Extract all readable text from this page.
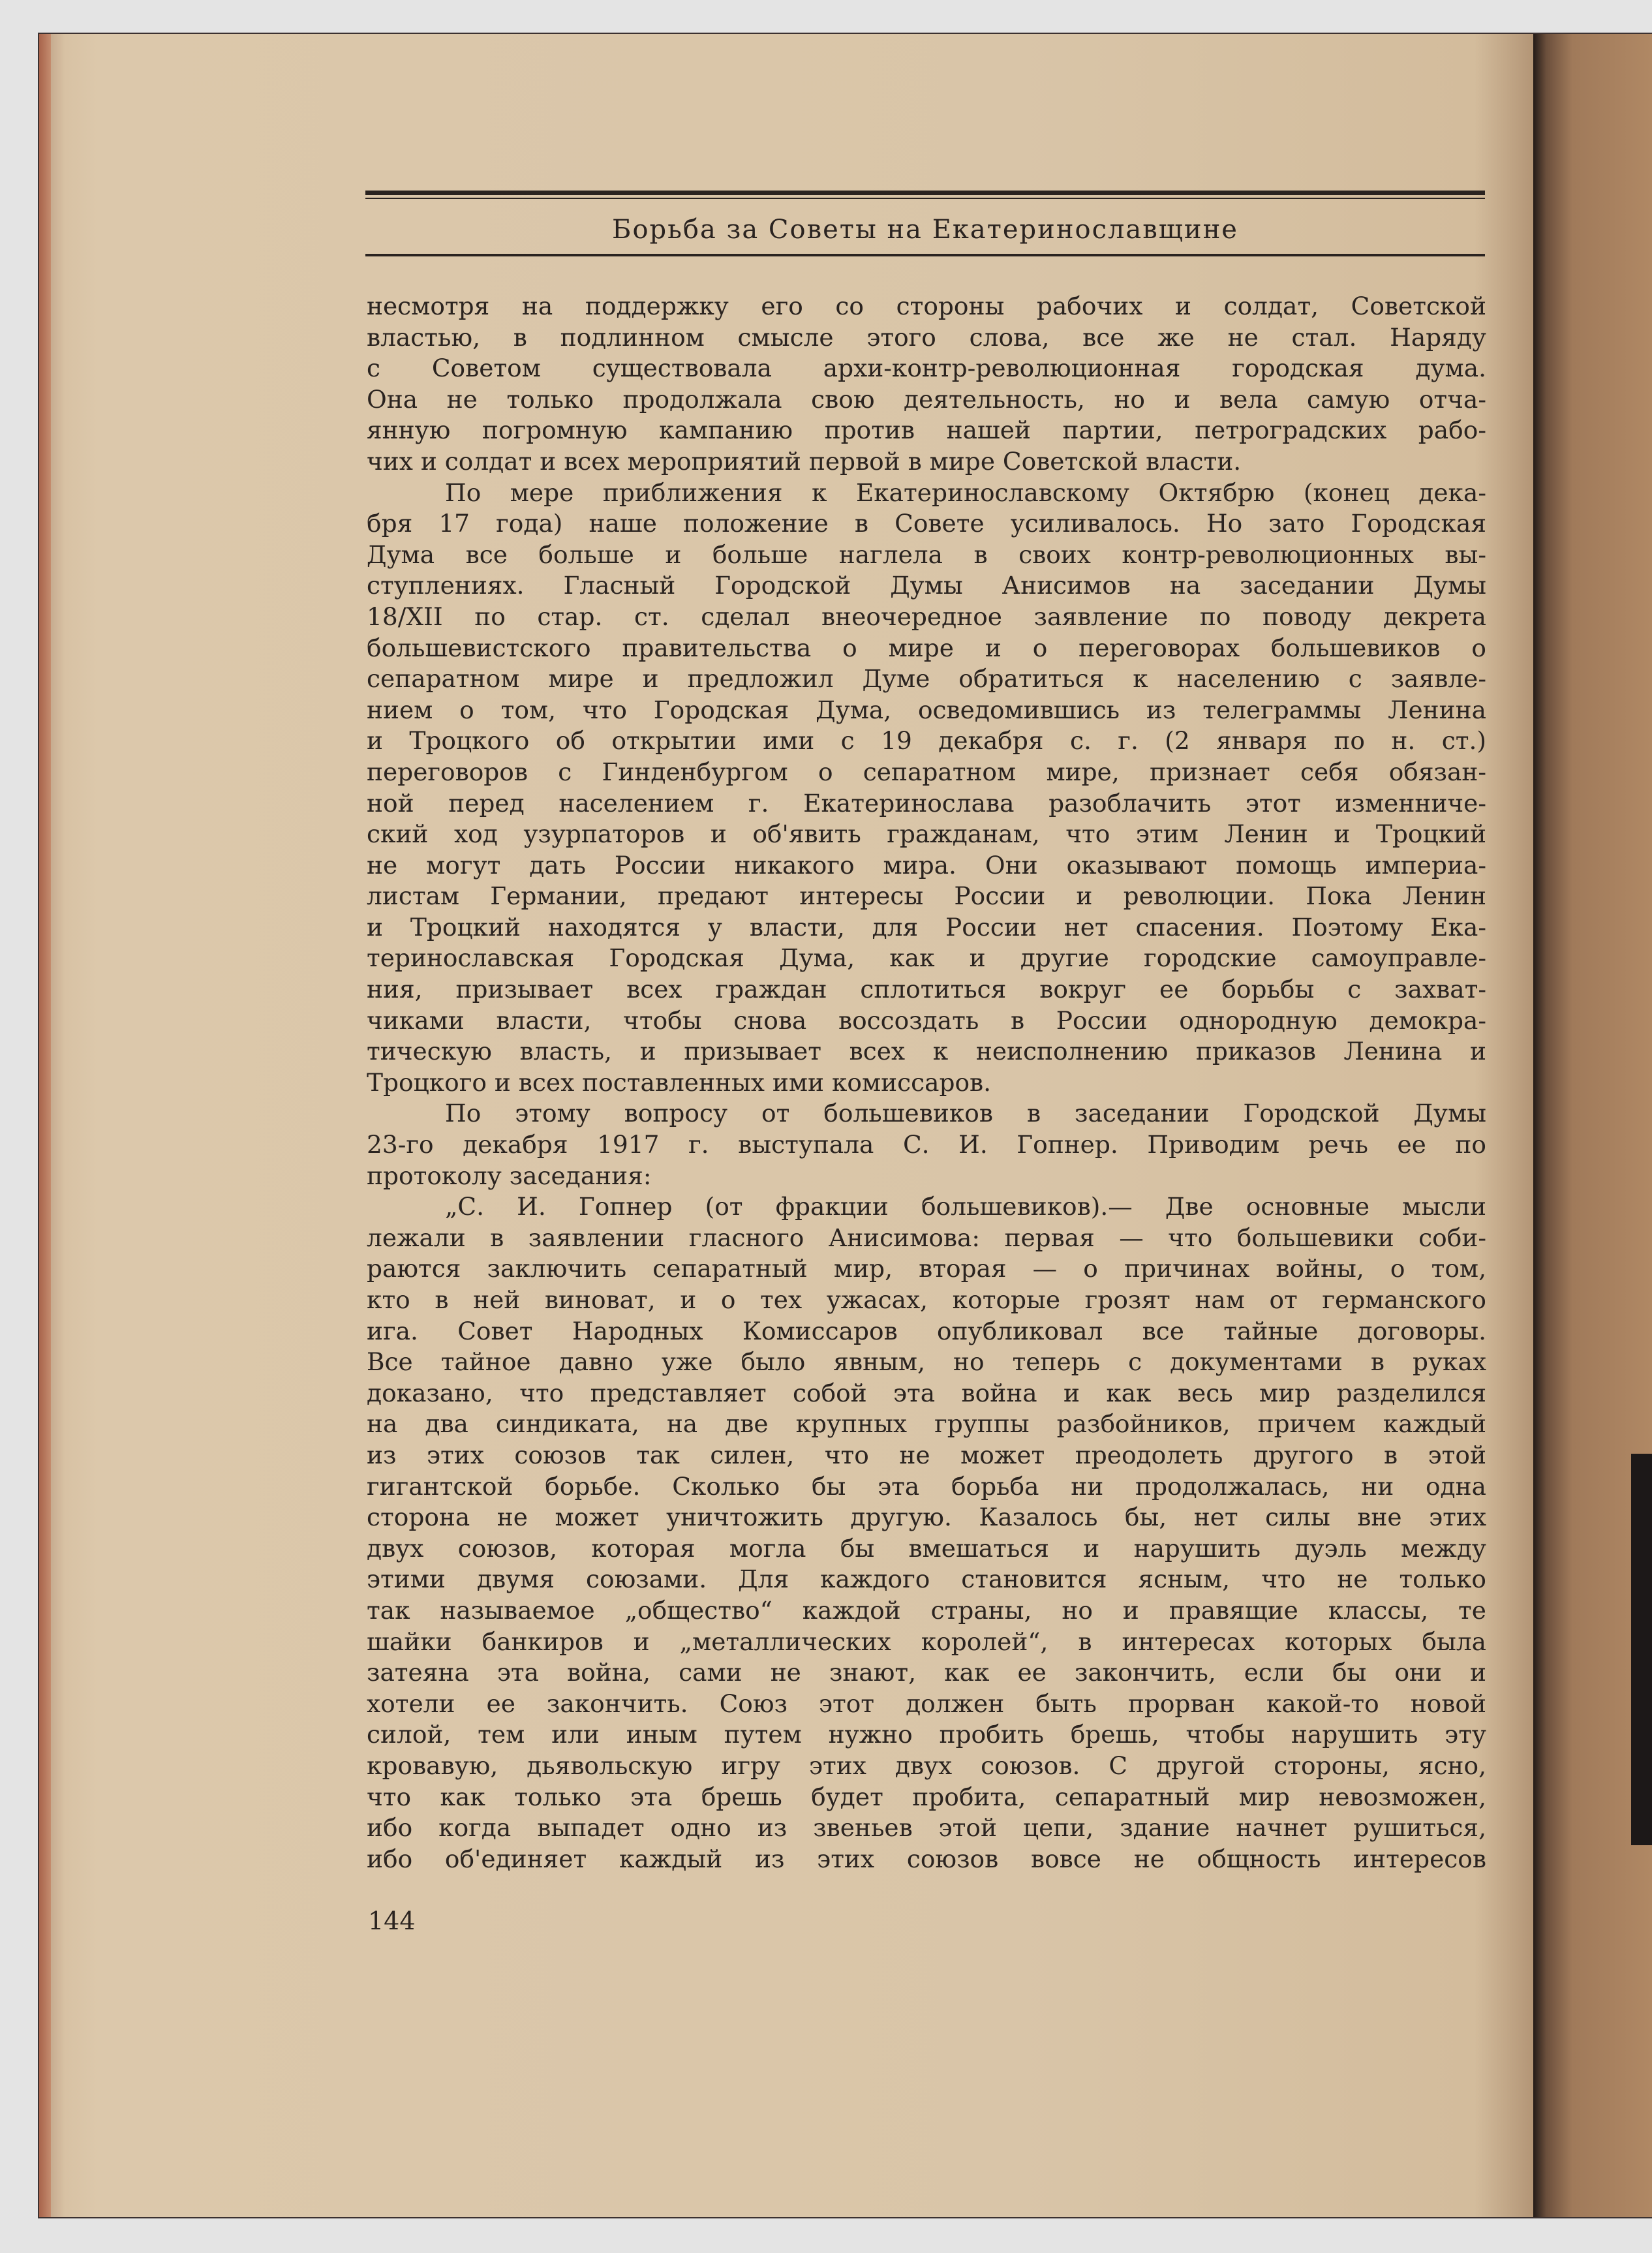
Борьба за Советы на Екатеринославщине
несмотря на поддержку его со стороны рабочих и солдат, Советской
властью, в подлинном смысле этого слова, все же не стал. Наряду
с Советом существовала архи-контр-революционная городская дума.
Она не только продолжала свою деятельность, но и вела самую отча-
янную погромную кампанию против нашей партии, петроградских рабо-
чих и солдат и всех мероприятий первой в мире Советской власти.
По мере приближения к Екатеринославскому Октябрю (конец дека-
бря 17 года) наше положение в Совете усиливалось. Но зато Городская
Дума все больше и больше наглела в своих контр-революционных вы-
ступлениях. Гласный Городской Думы Анисимов на заседании Думы
18/XII по стар. ст. сделал внеочередное заявление по поводу декрета
большевистского правительства о мире и о переговорах большевиков о
сепаратном мире и предложил Думе обратиться к населению с заявле-
нием о том, что Городская Дума, осведомившись из телеграммы Ленина
и Троцкого об открытии ими с 19 декабря с. г. (2 января по н. ст.)
переговоров с Гинденбургом о сепаратном мире, признает себя обязан-
ной перед населением г. Екатеринослава разоблачить этот изменниче-
ский ход узурпаторов и об'явить гражданам, что этим Ленин и Троцкий
не могут дать России никакого мира. Они оказывают помощь империа-
листам Германии, предают интересы России и революции. Пока Ленин
и Троцкий находятся у власти, для России нет спасения. Поэтому Ека-
теринославская Городская Дума, как и другие городские самоуправле-
ния, призывает всех граждан сплотиться вокруг ее борьбы с захват-
чиками власти, чтобы снова воссоздать в России однородную демокра-
тическую власть, и призывает всех к неисполнению приказов Ленина и
Троцкого и всех поставленных ими комиссаров.
По этому вопросу от большевиков в заседании Городской Думы
23-го декабря 1917 г. выступала С. И. Гопнер. Приводим речь ее по
протоколу заседания:
„С. И. Гопнер (от фракции большевиков).— Две основные мысли
лежали в заявлении гласного Анисимова: первая — что большевики соби-
раются заключить сепаратный мир, вторая — о причинах войны, о том,
кто в ней виноват, и о тех ужасах, которые грозят нам от германского
ига. Совет Народных Комиссаров опубликовал все тайные договоры.
Все тайное давно уже было явным, но теперь с документами в руках
доказано, что представляет собой эта война и как весь мир разделился
на два синдиката, на две крупных группы разбойников, причем каждый
из этих союзов так силен, что не может преодолеть другого в этой
гигантской борьбе. Сколько бы эта борьба ни продолжалась, ни одна
сторона не может уничтожить другую. Казалось бы, нет силы вне этих
двух союзов, которая могла бы вмешаться и нарушить дуэль между
этими двумя союзами. Для каждого становится ясным, что не только
так называемое „общество“ каждой страны, но и правящие классы, те
шайки банкиров и „металлических королей“, в интересах которых была
затеяна эта война, сами не знают, как ее закончить, если бы они и
хотели ее закончить. Союз этот должен быть прорван какой-то новой
силой, тем или иным путем нужно пробить брешь, чтобы нарушить эту
кровавую, дьявольскую игру этих двух союзов. С другой стороны, ясно,
что как только эта брешь будет пробита, сепаратный мир невозможен,
ибо когда выпадет одно из звеньев этой цепи, здание начнет рушиться,
ибо об'единяет каждый из этих союзов вовсе не общность интересов
144
